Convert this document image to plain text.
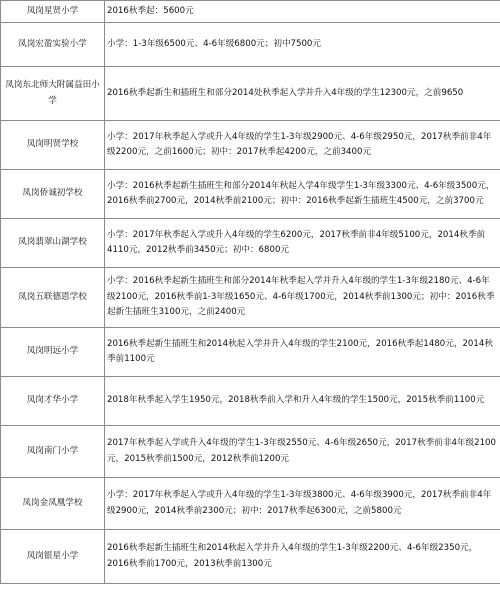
凤岗星贤小学	2016秋季起：5600元
凤岗宏盈实验小学	小学：1-3年级6500元、4-6年级6800元；初中7500元
凤岗东北师大附属益田小学	2016秋季起新生和插班生和部分2014处秋季起入学并升入4年级的学生12300元，之前9650
凤岗明贤学校	小学：2017年秋季起入学或升入4年级的学生1-3年级2900元、4-6年级2950元，2017秋季前非4年级2200元，之前1600元；初中：2017秋季起4200元，之前3400元
凤岗侨诚初学校	小学：2016秋季起新生插班生和部分2014年秋起入学4年级学生1-3年级3300元、4-6年级3500元，2016秋季前2700元，2014秋季前2100元；初中：2016秋季起新生插班生4500元，之前3700元
凤岗翡翠山湖学校	小学：2017年秋季起入学或升入4年级的学生6200元，2017秋季前非4年级5100元，2014秋季前4110元，2012秋季前3450元；初中：6800元
凤岗五联德恩学校	小学：2016秋季起新生插班生和部分2014年秋季起入学并升入4年级的学生1-3年级2180元、4-6年级2100元，2016秋季前1-3年级1650元、4-6年级1700元，2014秋季前1300元；初中：2016秋季起新生插班生3100元，之前2400元
凤岗明远小学	2016秋季起新生插班生和2014秋起入学并升入4年级的学生2100元，2016秋季起1480元，2014秋季前1100元
凤岗才华小学	2018年秋季起入学生1950元，2018秋季前入学和升入4年级的学生1500元，2015秋季前1100元
凤岗南门小学	2017年秋季起入学或升入4年级的学生1-3年级2550元、4-6年级2650元，2017秋季前非4年级2100元，2015秋季前1500元，2012秋季前1200元
凤岗金凤凰学校	小学：2017年秋季起入学或升入4年级的学生1-3年级3800元、4-6年级3900元，2017秋季前非4年级2900元，2014秋季前2300元；初中：2017秋季起6300元，之前5800元
凤岗银星小学	2016秋季起新生插班生和2014秋起入学并升入4年级的学生1-3年级2200元、4-6年级2350元，2016秋季前1700元，2013秋季前1300元
